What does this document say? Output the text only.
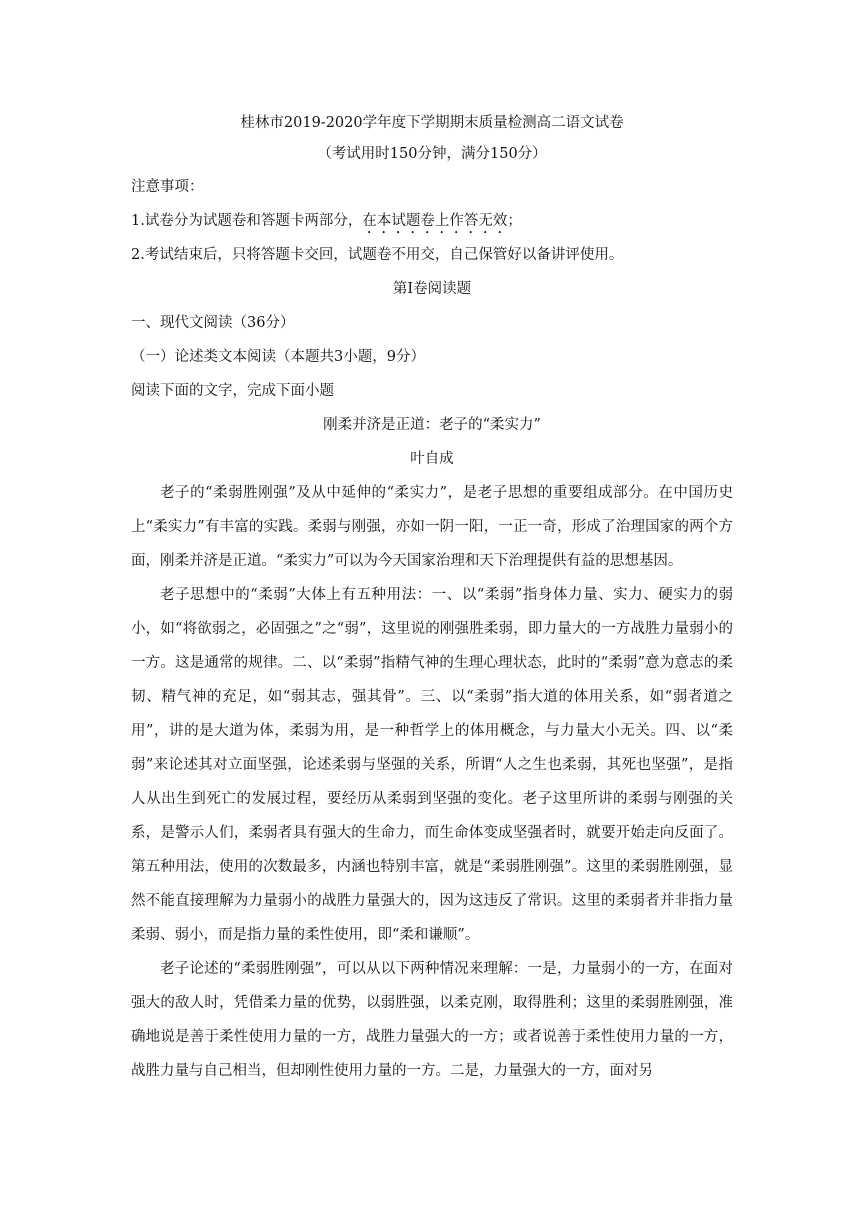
桂林市2019-2020学年度下学期期末质量检测高二语文试卷
（考试用时150分钟，满分150分）
注意事项：
1.试卷分为试题卷和答题卡两部分，在本试题卷上作答无效；
2.考试结束后，只将答题卡交回，试题卷不用交，自己保管好以备讲评使用。
第Ⅰ卷阅读题
一、现代文阅读（36分）
（一）论述类文本阅读（本题共3小题，9分）
阅读下面的文字，完成下面小题
刚柔并济是正道：老子的“柔实力”
叶自成

老子的“柔弱胜刚强”及从中延伸的“柔实力”，是老子思想的重要组成部分。在中国历史上“柔实力”有丰富的实践。柔弱与刚强，亦如一阴一阳，一正一奇，形成了治理国家的两个方面，刚柔并济是正道。“柔实力”可以为今天国家治理和天下治理提供有益的思想基因。

老子思想中的“柔弱”大体上有五种用法：一、以“柔弱”指身体力量、实力、硬实力的弱小，如“将欲弱之，必固强之”之“弱”，这里说的刚强胜柔弱，即力量大的一方战胜力量弱小的一方。这是通常的规律。二、以“柔弱”指精气神的生理心理状态，此时的“柔弱”意为意志的柔韧、精气神的充足，如“弱其志，强其骨”。三、以“柔弱”指大道的体用关系，如“弱者道之用”，讲的是大道为体，柔弱为用，是一种哲学上的体用概念，与力量大小无关。四、以“柔弱”来论述其对立面坚强，论述柔弱与坚强的关系，所谓“人之生也柔弱，其死也坚强”，是指人从出生到死亡的发展过程，要经历从柔弱到坚强的变化。老子这里所讲的柔弱与刚强的关系，是警示人们，柔弱者具有强大的生命力，而生命体变成坚强者时，就要开始走向反面了。第五种用法，使用的次数最多，内涵也特别丰富，就是“柔弱胜刚强”。这里的柔弱胜刚强，显然不能直接理解为力量弱小的战胜力量强大的，因为这违反了常识。这里的柔弱者并非指力量柔弱、弱小，而是指力量的柔性使用，即“柔和谦顺”。

老子论述的“柔弱胜刚强”，可以从以下两种情况来理解：一是，力量弱小的一方，在面对强大的敌人时，凭借柔力量的优势，以弱胜强，以柔克刚，取得胜利；这里的柔弱胜刚强，准确地说是善于柔性使用力量的一方，战胜力量强大的一方；或者说善于柔性使用力量的一方，战胜力量与自己相当，但却刚性使用力量的一方。二是，力量强大的一方，面对另
